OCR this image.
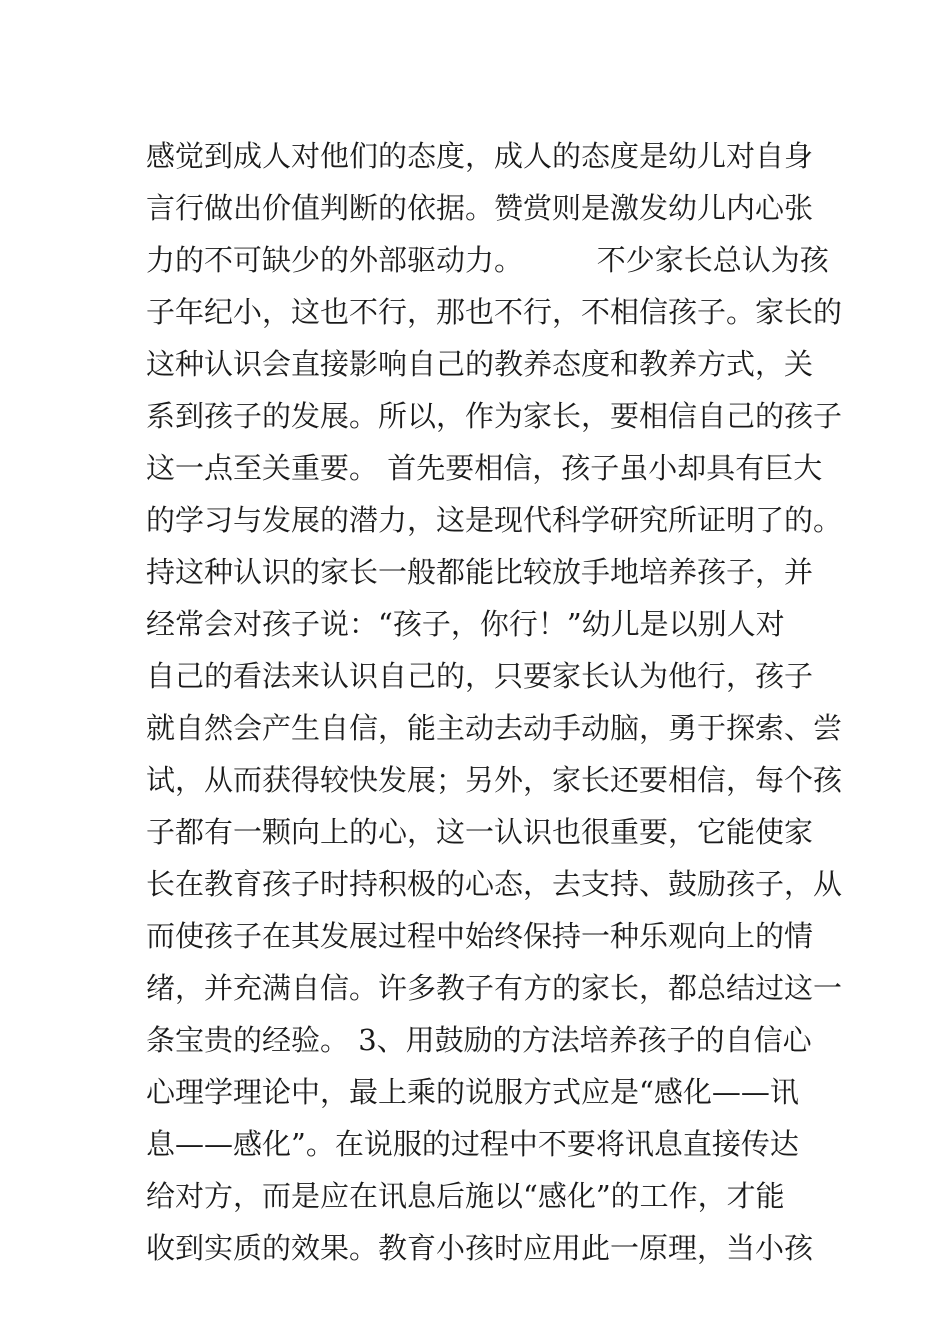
感觉到成人对他们的态度，成人的态度是幼儿对自身
言行做出价值判断的依据。赞赏则是激发幼儿内心张
力的不可缺少的外部驱动力。        不少家长总认为孩
子年纪小，这也不行，那也不行，不相信孩子。家长的
这种认识会直接影响自己的教养态度和教养方式，关
系到孩子的发展。所以，作为家长，要相信自己的孩子
这一点至关重要。 首先要相信，孩子虽小却具有巨大
的学习与发展的潜力，这是现代科学研究所证明了的。
持这种认识的家长一般都能比较放手地培养孩子，并
经常会对孩子说：“孩子，你行！”幼儿是以别人对
自己的看法来认识自己的，只要家长认为他行，孩子
就自然会产生自信，能主动去动手动脑，勇于探索、尝
试，从而获得较快发展；另外，家长还要相信，每个孩
子都有一颗向上的心，这一认识也很重要，它能使家
长在教育孩子时持积极的心态，去支持、鼓励孩子，从
而使孩子在其发展过程中始终保持一种乐观向上的情
绪，并充满自信。许多教子有方的家长，都总结过这一
条宝贵的经验。 3、用鼓励的方法培养孩子的自信心
心理学理论中，最上乘的说服方式应是“感化——讯
息——感化”。在说服的过程中不要将讯息直接传达
给对方，而是应在讯息后施以“感化”的工作，才能
收到实质的效果。教育小孩时应用此一原理，当小孩
